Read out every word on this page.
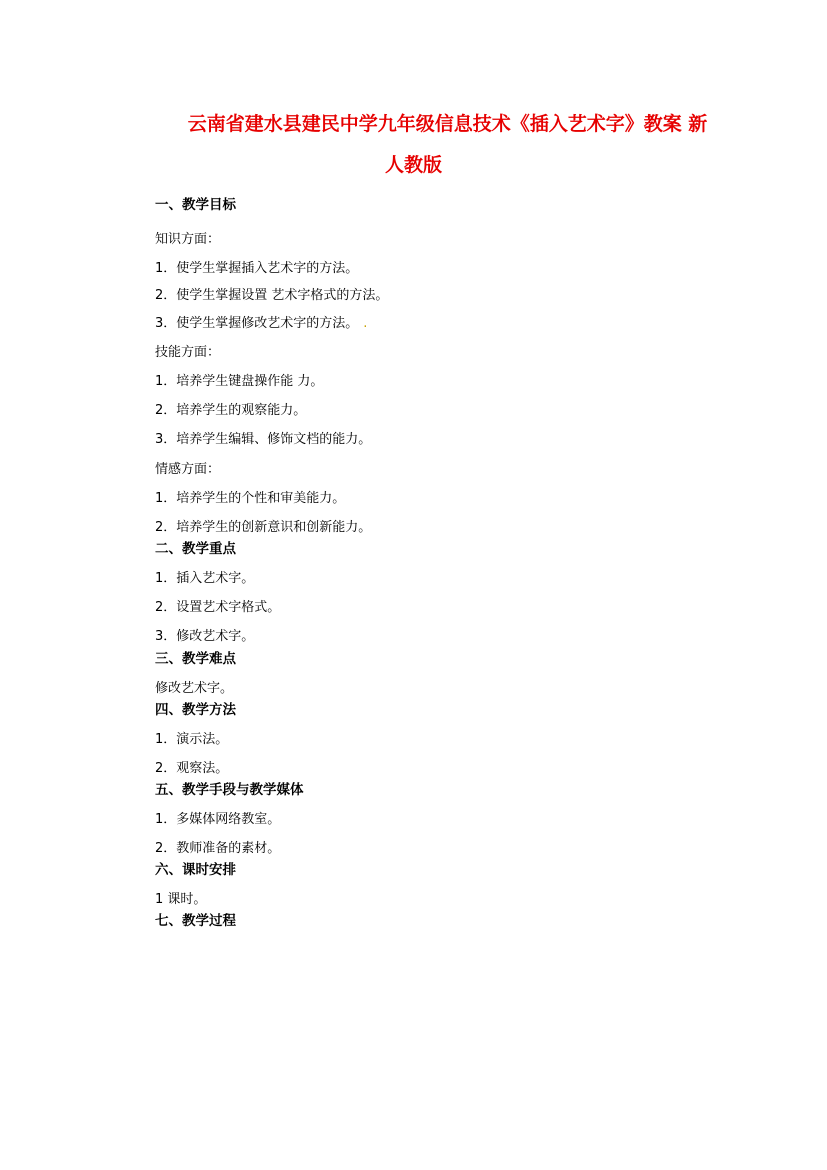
云南省建水县建民中学九年级信息技术《插入艺术字》教案 新
人教版
一、教学目标
知识方面：
1．使学生掌握插入艺术字的方法。
2．使学生掌握设置 艺术字格式的方法。
3．使学生掌握修改艺术字的方法。 .
技能方面：
1．培养学生键盘操作能 力。
2．培养学生的观察能力。
3．培养学生编辑、修饰文档的能力。
情感方面：
1．培养学生的个性和审美能力。
2．培养学生的创新意识和创新能力。
二、教学重点
1．插入艺术字。
2．设置艺术字格式。
3．修改艺术字。
三、教学难点
修改艺术字。
四、教学方法
1．演示法。
2．观察法。
五、教学手段与教学媒体
1．多媒体网络教室。
2．教师准备的素材。
六、课时安排
1 课时。
七、教学过程
